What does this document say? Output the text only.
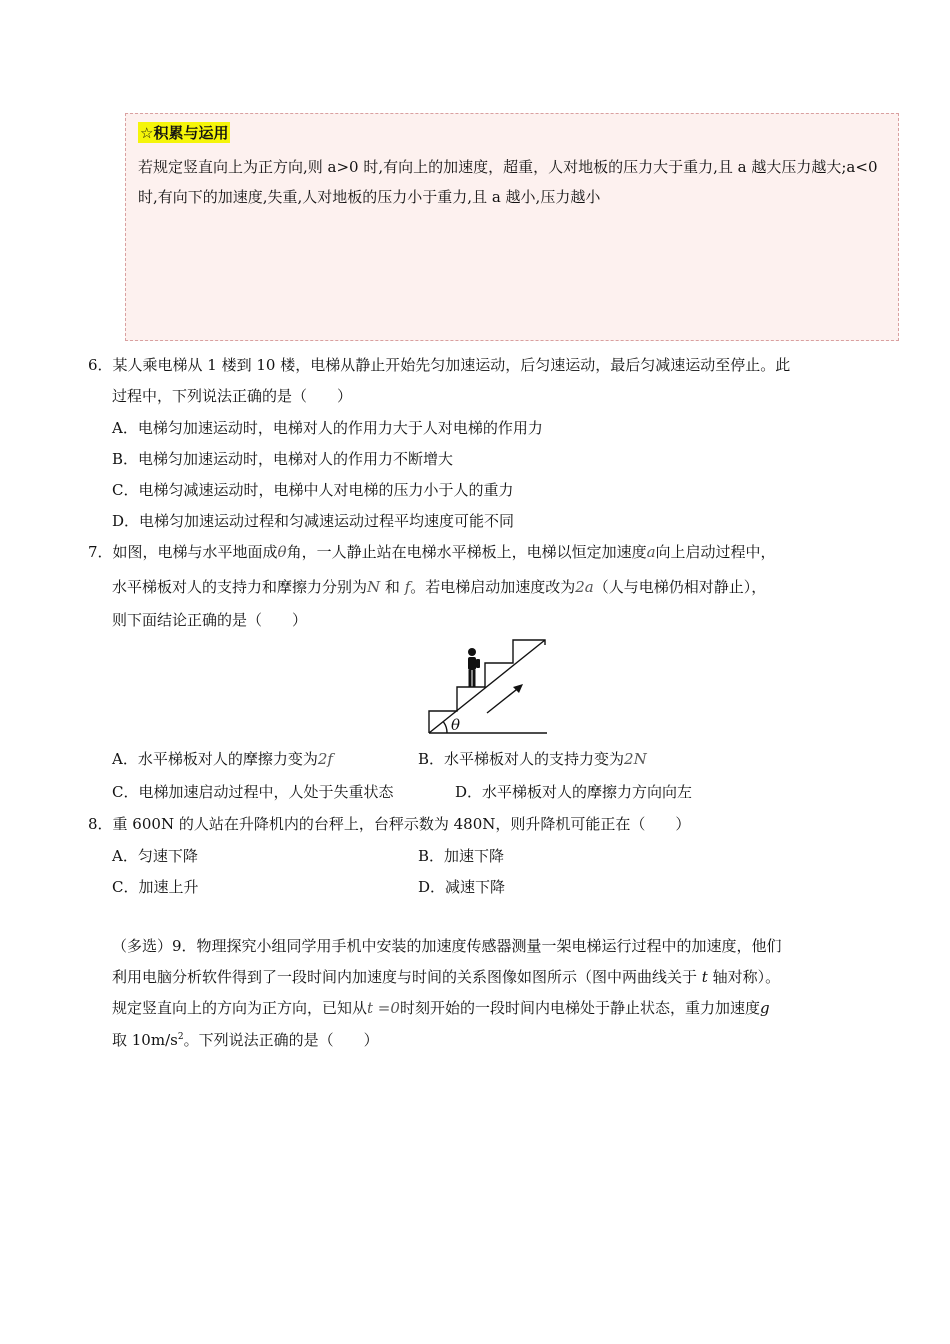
☆积累与运用
若规定竖直向上为正方向,则 a>0 时,有向上的加速度，超重，人对地板的压力大于重力,且 a 越大压力越大;a<0 时,有向下的加速度,失重,人对地板的压力小于重力,且 a 越小,压力越小
6．某人乘电梯从 1 楼到 10 楼，电梯从静止开始先匀加速运动，后匀速运动，最后匀减速运动至停止。此
过程中，下列说法正确的是（　　）
A．电梯匀加速运动时，电梯对人的作用力大于人对电梯的作用力
B．电梯匀加速运动时，电梯对人的作用力不断增大
C．电梯匀减速运动时，电梯中人对电梯的压力小于人的重力
D．电梯匀加速运动过程和匀减速运动过程平均速度可能不同
7．如图，电梯与水平地面成θ角，一人静止站在电梯水平梯板上，电梯以恒定加速度a向上启动过程中，
水平梯板对人的支持力和摩擦力分别为N 和 f。若电梯启动加速度改为2a（人与电梯仍相对静止），
则下面结论正确的是（　　）
θ
A．水平梯板对人的摩擦力变为2f	B．水平梯板对人的支持力变为2N
C．电梯加速启动过程中，人处于失重状态	D．水平梯板对人的摩擦力方向向左
8．重 600N 的人站在升降机内的台秤上，台秤示数为 480N，则升降机可能正在（　　）
A．匀速下降	B．加速下降
C．加速上升	D．减速下降
（多选）9．物理探究小组同学用手机中安装的加速度传感器测量一架电梯运行过程中的加速度，他们
利用电脑分析软件得到了一段时间内加速度与时间的关系图像如图所示（图中两曲线关于 t 轴对称）。
规定竖直向上的方向为正方向，已知从t =0时刻开始的一段时间内电梯处于静止状态，重力加速度g
取 $10m/s^2$。下列说法正确的是（　　）
